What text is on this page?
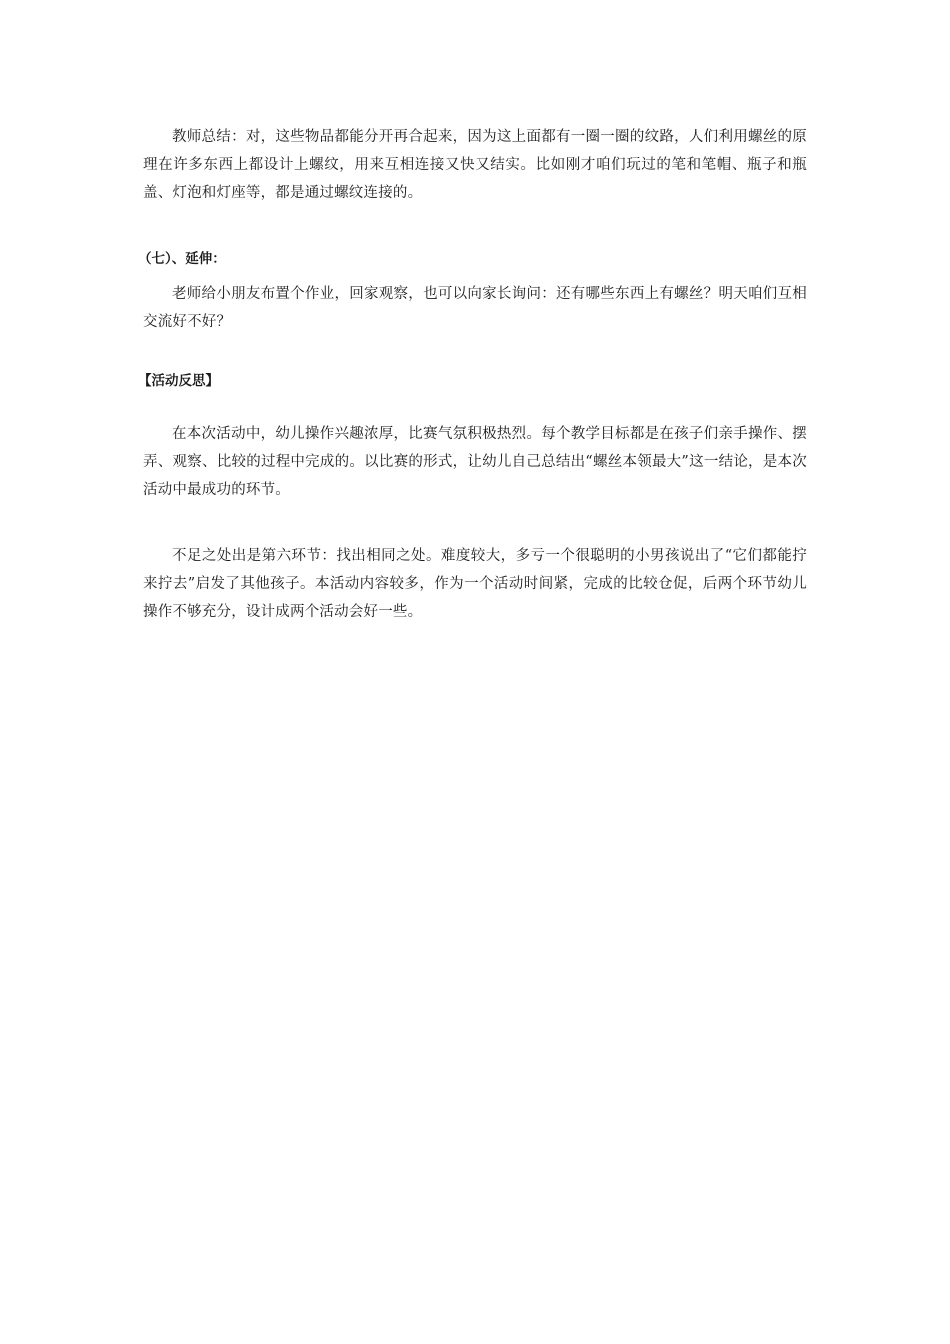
教师总结：对，这些物品都能分开再合起来，因为这上面都有一圈一圈的纹路，人们利用螺丝的原理在许多东西上都设计上螺纹，用来互相连接又快又结实。比如刚才咱们玩过的笔和笔帽、瓶子和瓶盖、灯泡和灯座等，都是通过螺纹连接的。

（七）、延伸：

老师给小朋友布置个作业，回家观察，也可以向家长询问：还有哪些东西上有螺丝？明天咱们互相交流好不好？

【活动反思】

在本次活动中，幼儿操作兴趣浓厚，比赛气氛积极热烈。每个教学目标都是在孩子们亲手操作、摆弄、观察、比较的过程中完成的。以比赛的形式，让幼儿自己总结出“螺丝本领最大”这一结论，是本次活动中最成功的环节。

不足之处出是第六环节：找出相同之处。难度较大，多亏一个很聪明的小男孩说出了“它们都能拧来拧去”启发了其他孩子。本活动内容较多，作为一个活动时间紧，完成的比较仓促，后两个环节幼儿操作不够充分，设计成两个活动会好一些。
